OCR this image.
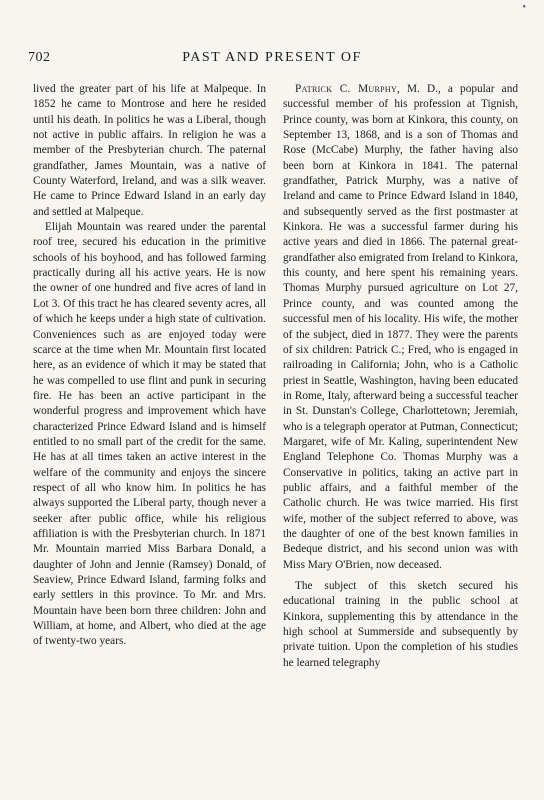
•
702	PAST AND PRESENT OF

lived the greater part of his life at Malpeque. In 1852 he came to Montrose and here he resided until his death. In politics he was a Liberal, though not active in public affairs. In religion he was a member of the Presbyterian church. The paternal grandfather, James Mountain, was a native of County Waterford, Ireland, and was a silk weaver. He came to Prince Edward Island in an early day and settled at Malpeque.

Elijah Mountain was reared under the parental roof tree, secured his education in the primitive schools of his boyhood, and has followed farming practically during all his active years. He is now the owner of one hundred and five acres of land in Lot 3. Of this tract he has cleared seventy acres, all of which he keeps under a high state of cultivation. Conveniences such as are enjoyed today were scarce at the time when Mr. Mountain first located here, as an evidence of which it may be stated that he was compelled to use flint and punk in securing fire. He has been an active participant in the wonderful progress and improvement which have characterized Prince Edward Island and is himself entitled to no small part of the credit for the same. He has at all times taken an active interest in the welfare of the community and enjoys the sincere respect of all who know him. In politics he has always supported the Liberal party, though never a seeker after public office, while his religious affiliation is with the Presbyterian church. In 1871 Mr. Mountain married Miss Barbara Donald, a daughter of John and Jennie (Ramsey) Donald, of Seaview, Prince Edward Island, farming folks and early settlers in this province. To Mr. and Mrs. Mountain have been born three children: John and William, at home, and Albert, who died at the age of twenty-two years.

Patrick C. Murphy, M. D., a popular and successful member of his profession at Tignish, Prince county, was born at Kinkora, this county, on September 13, 1868, and is a son of Thomas and Rose (McCabe) Murphy, the father having also been born at Kinkora in 1841. The paternal grandfather, Patrick Murphy, was a native of Ireland and came to Prince Edward Island in 1840, and subsequently served as the first postmaster at Kinkora. He was a successful farmer during his active years and died in 1866. The paternal great-grandfather also emigrated from Ireland to Kinkora, this county, and here spent his remaining years. Thomas Murphy pursued agriculture on Lot 27, Prince county, and was counted among the successful men of his locality. His wife, the mother of the subject, died in 1877. They were the parents of six children: Patrick C.; Fred, who is engaged in railroading in California; John, who is a Catholic priest in Seattle, Washington, having been educated in Rome, Italy, afterward being a successful teacher in St. Dunstan's College, Charlottetown; Jeremiah, who is a telegraph operator at Putman, Connecticut; Margaret, wife of Mr. Kaling, superintendent New England Telephone Co. Thomas Murphy was a Conservative in politics, taking an active part in public affairs, and a faithful member of the Catholic church. He was twice married. His first wife, mother of the subject referred to above, was the daughter of one of the best known families in Bedeque district, and his second union was with Miss Mary O'Brien, now deceased.

The subject of this sketch secured his educational training in the public school at Kinkora, supplementing this by attendance in the high school at Summerside and subsequently by private tuition. Upon the completion of his studies he learned telegraphy
